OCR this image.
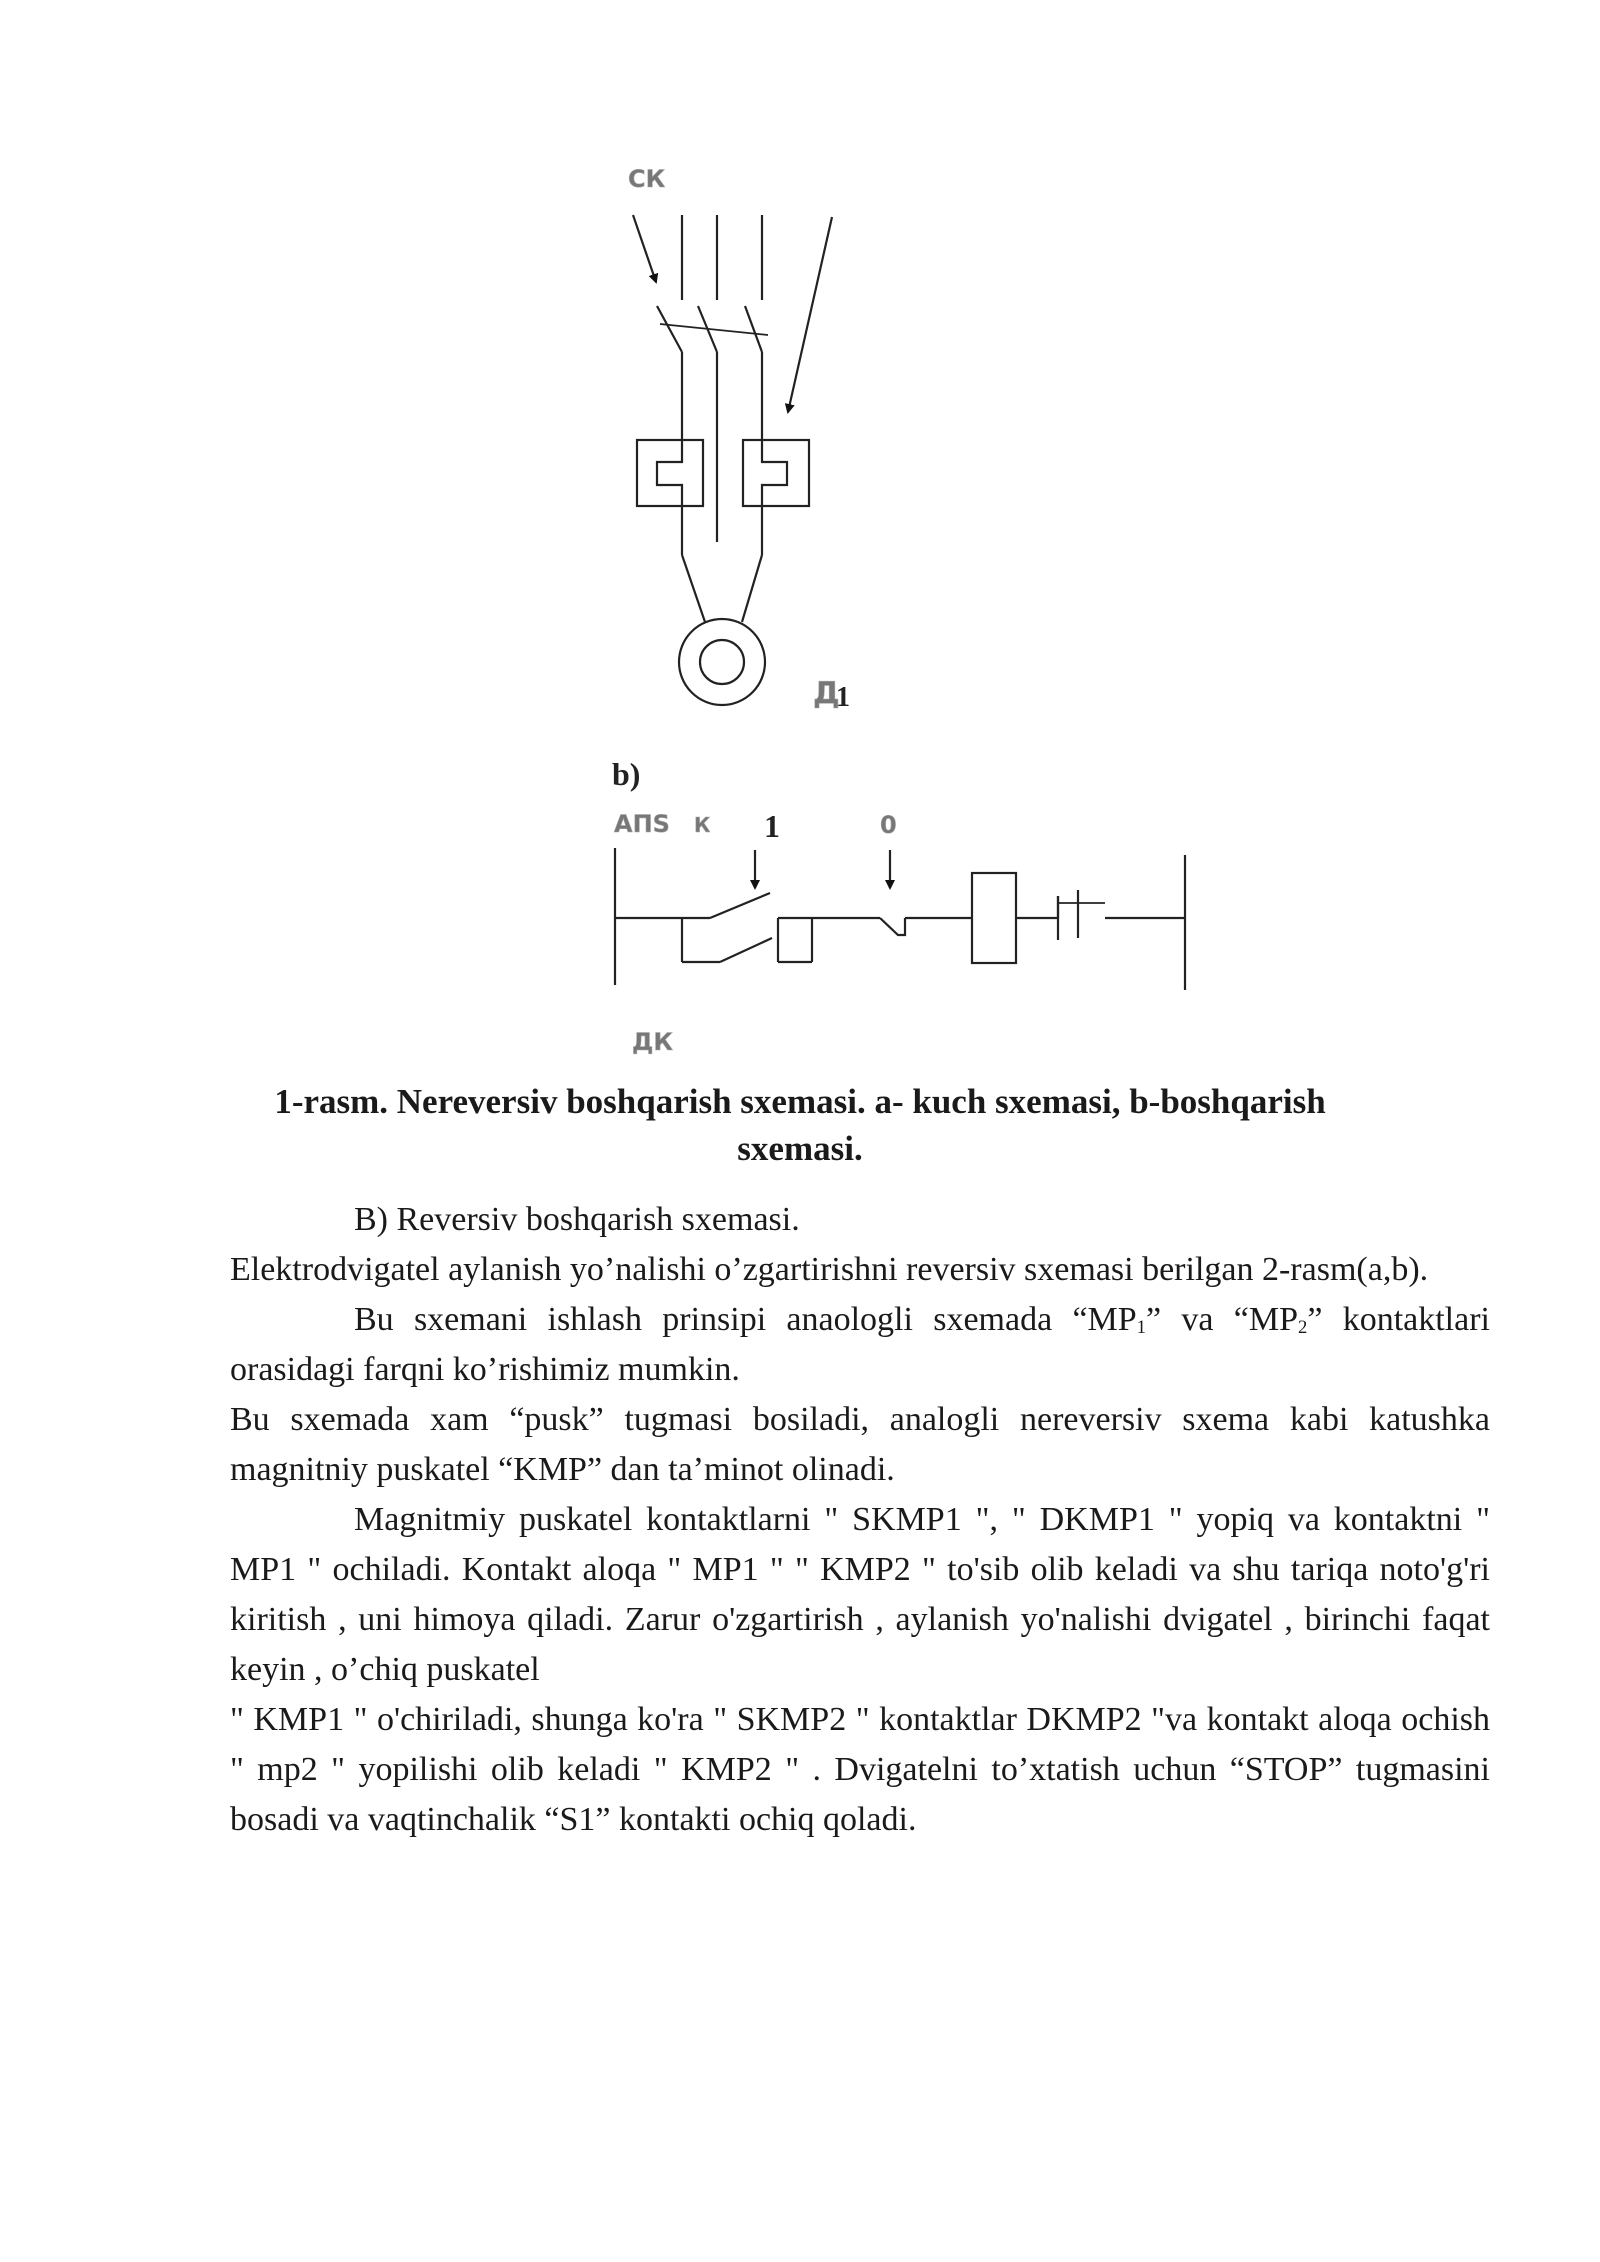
СК
Д
1
b)
АПS К 1	0
ДК
1-rasm. Nereversiv boshqarish sxemasi. a- kuch sxemasi, b-boshqarish
sxemasi.

B) Reversiv boshqarish sxemasi.

Elektrodvigatel aylanish yo’nalishi o’zgartirishni reversiv sxemasi berilgan 2-rasm(a,b).

Bu sxemani ishlash prinsipi anaologli sxemada “$MP_1$” va “$MP_2$” kontaktlari orasidagi farqni ko’rishimiz mumkin.

Bu sxemada xam “pusk” tugmasi bosiladi, analogli nereversiv sxema kabi katushka magnitniy puskatel “KMP” dan ta’minot olinadi.

Magnitmiy puskatel kontaktlarni " SKMP1 ", " DKMP1 " yopiq va kontaktni " MP1 " ochiladi. Kontakt aloqa " MP1 " " KMP2 " to'sib olib keladi va shu tariqa noto'g'ri kiritish , uni himoya qiladi. Zarur o'zgartirish , aylanish yo'nalishi dvigatel , birinchi faqat keyin , o’chiq puskatel

" KMP1 " o'chiriladi, shunga ko'ra " SKMP2 " kontaktlar DKMP2 "va kontakt aloqa ochish " mp2 " yopilishi olib keladi " KMP2 " . Dvigatelni to’xtatish uchun “STOP” tugmasini bosadi va vaqtinchalik “S1” kontakti ochiq qoladi.
